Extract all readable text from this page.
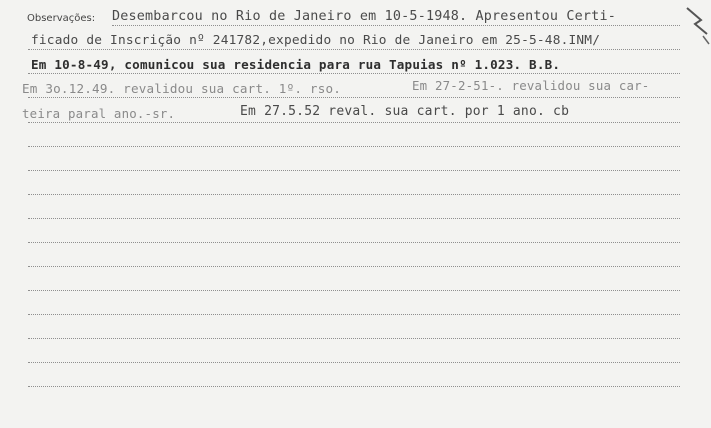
Observações: Desembarcou no Rio de Janeiro em 10-5-1948. Apresentou Certi-
ficado de Inscrição nº 241782,expedido no Rio de Janeiro em 25-5-48.INM/
Em 10-8-49, comunicou sua residencia para rua Tapuias nº 1.023. B.B.
Em 3o.12.49. revalidou sua cart. 1º. rso.	Em 27-2-51-. revalidou sua car-
teira paral ano.-sr.	Em 27.5.52 reval. sua cart. por 1 ano. cb
